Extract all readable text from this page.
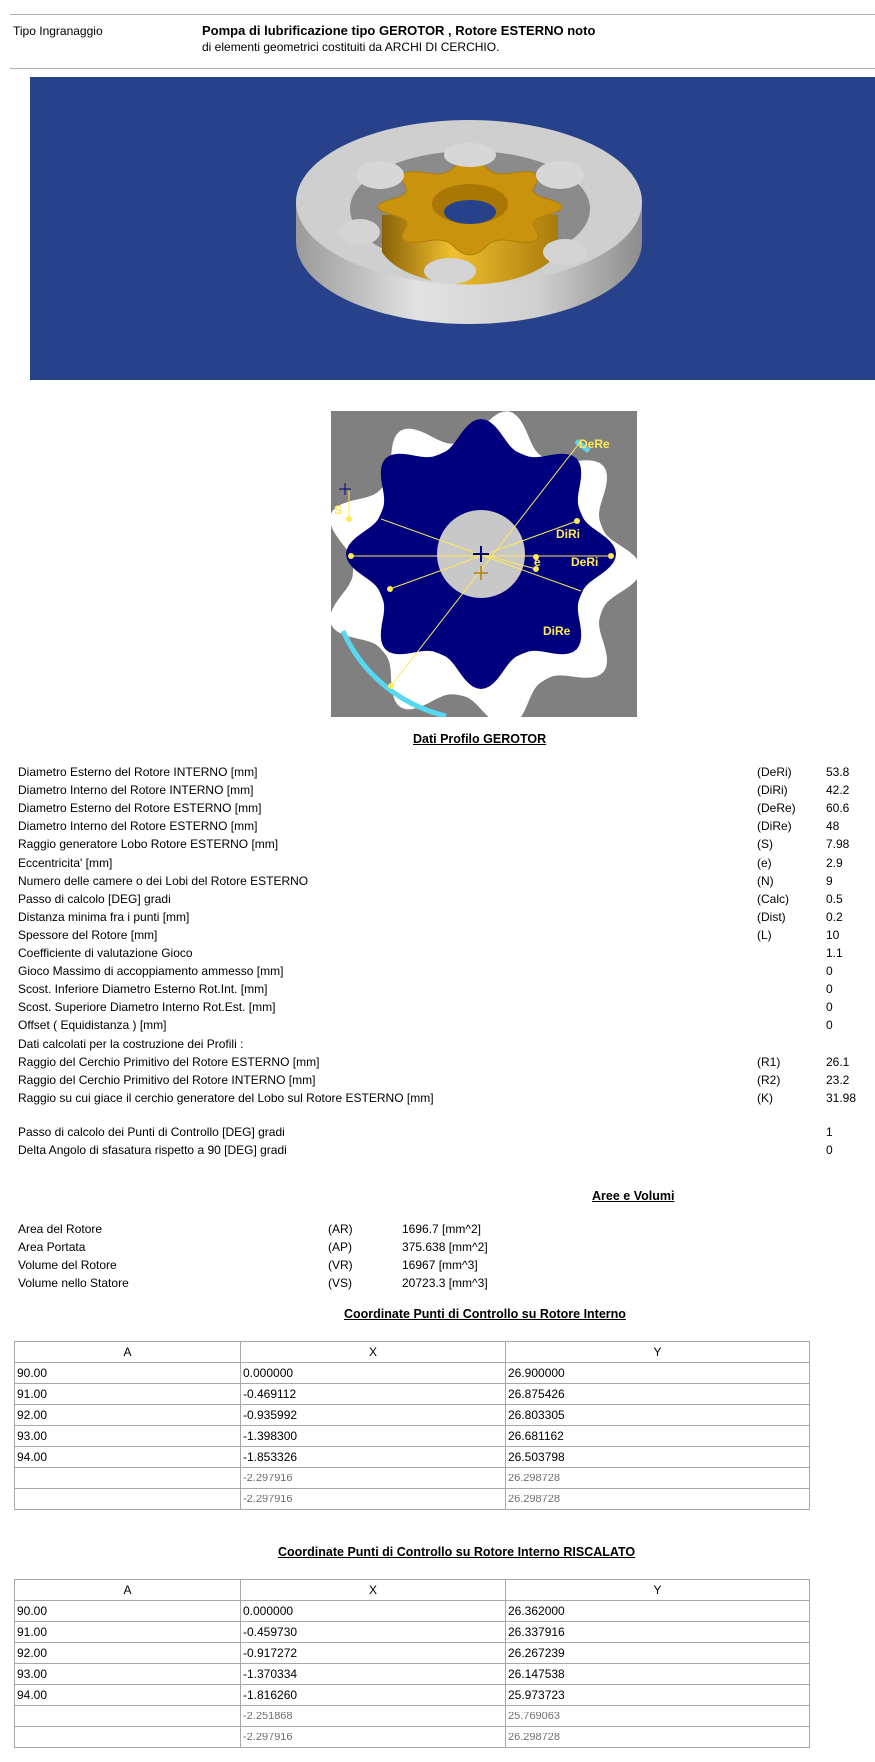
Tipo Ingranaggio	Pompa di lubrificazione tipo GEROTOR , Rotore ESTERNO noto
di elementi geometrici costituiti da ARCHI DI CERCHIO.
DeRe
S
DiRi
DeRi
e
DiRe
Dati Profilo GEROTOR
Diametro Esterno del Rotore INTERNO [mm]	(DeRi)	53.8
Diametro Interno del Rotore INTERNO [mm]	(DiRi)	42.2
Diametro Esterno del Rotore ESTERNO [mm]	(DeRe)	60.6
Diametro Interno del Rotore ESTERNO [mm]	(DiRe)	48
Raggio generatore Lobo Rotore ESTERNO [mm]	(S)	7.98
Eccentricita' [mm]	(e)	2.9
Numero delle camere o dei Lobi del Rotore ESTERNO	(N)	9
Passo di calcolo [DEG] gradi	(Calc)	0.5
Distanza minima fra i punti [mm]	(Dist)	0.2
Spessore del Rotore [mm]	(L)	10
Coefficiente di valutazione Gioco	1.1
Gioco Massimo di accoppiamento ammesso [mm]	0
Scost. Inferiore Diametro Esterno Rot.Int. [mm]	0
Scost. Superiore Diametro Interno Rot.Est. [mm]	0
Offset ( Equidistanza ) [mm]	0
Dati calcolati per la costruzione dei Profili :
Raggio del Cerchio Primitivo del Rotore ESTERNO [mm]	(R1)	26.1
Raggio del Cerchio Primitivo del Rotore INTERNO [mm]	(R2)	23.2
Raggio su cui giace il cerchio generatore del Lobo sul Rotore ESTERNO [mm]	(K)	31.98
Passo di calcolo dei Punti di Controllo [DEG] gradi	1
Delta Angolo di sfasatura rispetto a 90 [DEG] gradi	0
Aree e Volumi
Area del Rotore	(AR)	1696.7 [mm^2]
Area Portata	(AP)	375.638 [mm^2]
Volume del Rotore	(VR)	16967 [mm^3]
Volume nello Statore	(VS)	20723.3 [mm^3]
Coordinate Punti di Controllo su Rotore Interno
A	X	Y
90.00	0.000000	26.900000
91.00	-0.469112	26.875426
92.00	-0.935992	26.803305
93.00	-1.398300	26.681162
94.00	-1.853326	26.503798

	-2.297916	26.298728

	-2.297916	26.298728
Coordinate Punti di Controllo su Rotore Interno RISCALATO
A	X	Y
90.00	0.000000	26.362000
91.00	-0.459730	26.337916
92.00	-0.917272	26.267239
93.00	-1.370334	26.147538
94.00	-1.816260	25.973723

	-2.251868	25.769063

	-2.297916	26.298728
